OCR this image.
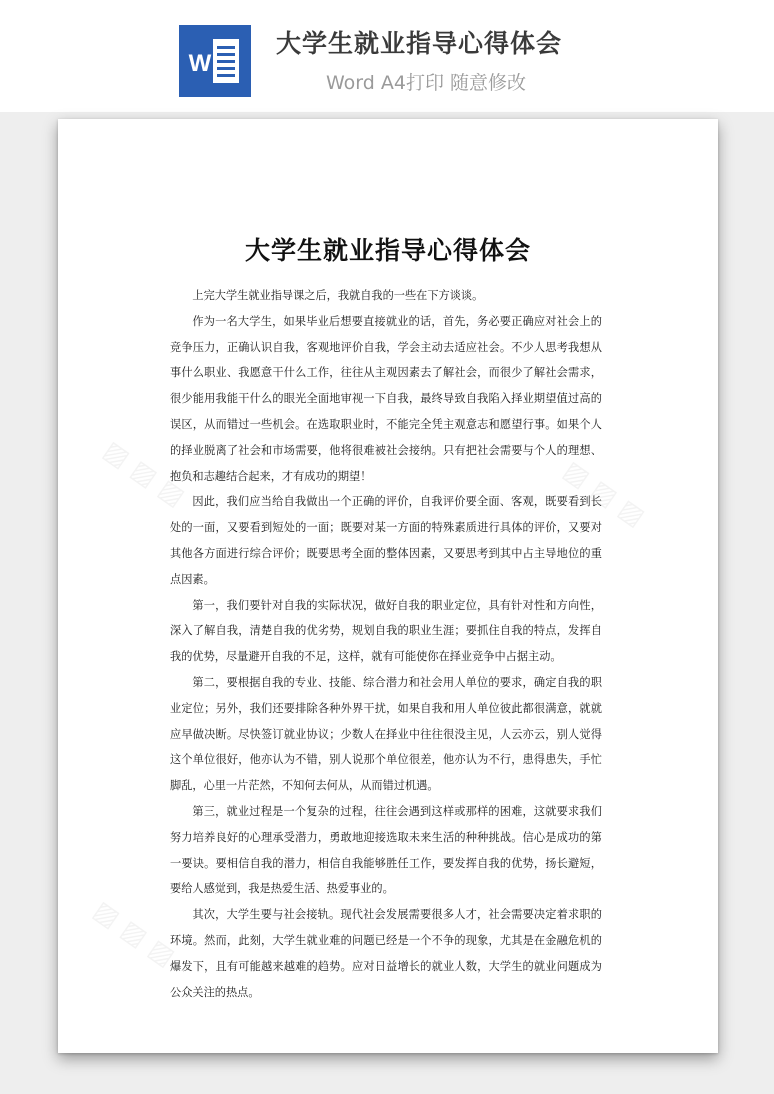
W
大学生就业指导心得体会
Word A4打印 随意修改
▨ ▨ ▨	▨ ▨ ▨
▨ ▨ ▨
大学生就业指导心得体会

上完大学生就业指导课之后，我就自我的一些在下方谈谈。

作为一名大学生，如果毕业后想要直接就业的话，首先，务必要正确应对社会上的竞争压力，正确认识自我，客观地评价自我，学会主动去适应社会。不少人思考我想从事什么职业、我愿意干什么工作，往往从主观因素去了解社会，而很少了解社会需求，很少能用我能干什么的眼光全面地审视一下自我，最终导致自我陷入择业期望值过高的误区，从而错过一些机会。在选取职业时，不能完全凭主观意志和愿望行事。如果个人的择业脱离了社会和市场需要，他将很难被社会接纳。只有把社会需要与个人的理想、抱负和志趣结合起来，才有成功的期望！

因此，我们应当给自我做出一个正确的评价，自我评价要全面、客观，既要看到长处的一面，又要看到短处的一面；既要对某一方面的特殊素质进行具体的评价，又要对其他各方面进行综合评价；既要思考全面的整体因素，又要思考到其中占主导地位的重点因素。

第一，我们要针对自我的实际状况，做好自我的职业定位，具有针对性和方向性，深入了解自我，清楚自我的优劣势，规划自我的职业生涯；要抓住自我的特点，发挥自我的优势，尽量避开自我的不足，这样，就有可能使你在择业竞争中占据主动。

第二，要根据自我的专业、技能、综合潜力和社会用人单位的要求，确定自我的职业定位；另外，我们还要排除各种外界干扰，如果自我和用人单位彼此都很满意，就就应早做决断。尽快签订就业协议；少数人在择业中往往很没主见，人云亦云，别人觉得这个单位很好，他亦认为不错，别人说那个单位很差，他亦认为不行，患得患失，手忙脚乱，心里一片茫然，不知何去何从，从而错过机遇。

第三，就业过程是一个复杂的过程，往往会遇到这样或那样的困难，这就要求我们努力培养良好的心理承受潜力，勇敢地迎接选取未来生活的种种挑战。信心是成功的第一要诀。要相信自我的潜力，相信自我能够胜任工作，要发挥自我的优势，扬长避短，要给人感觉到，我是热爱生活、热爱事业的。

其次，大学生要与社会接轨。现代社会发展需要很多人才，社会需要决定着求职的环境。然而，此刻，大学生就业难的问题已经是一个不争的现象，尤其是在金融危机的爆发下，且有可能越来越难的趋势。应对日益增长的就业人数，大学生的就业问题成为公众关注的热点。
